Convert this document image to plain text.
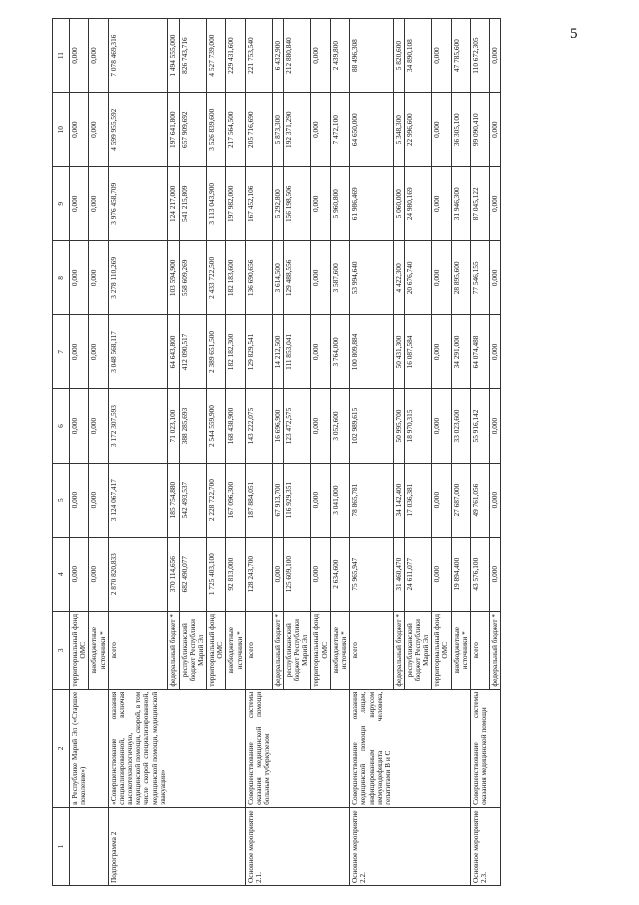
5
1	2	3	4	5	6	7	8	9	10	11
	в Республике Марий Эл («Старшее поколение»)	территориальный фонд ОМС	0,000	0,000	0,000	0,000	0,000	0,000	0,000	0,000
		внебюджетные источники *	0,000	0,000	0,000	0,000	0,000	0,000	0,000	0,000
Подпрограмма 2	«Совершенствование оказания специализированной, включая высокотехнологичную, медицинской помощи, скорой, в том числе скорой специализированной, медицинской помощи, медицинской эвакуации»	всего	2 870 820,833	3 124 067,417	3 172 307,593	3 048 568,117	3 278 110,269	3 976 458,709	4 599 955,592	7 078 469,316
		федеральный бюджет *	370 114,656	185 754,880	71 023,100	64 643,800	103 594,900	124 217,000	197 641,800	1 494 555,000
		республиканский бюджет Республики Марий Эл	682 490,077	542 493,537	388 285,693	412 090,517	558 609,269	541 215,809	657 909,692	826 743,716
		территориальный фонд ОМС	1 725 403,100	2 228 722,700	2 544 559,900	2 389 651,500	2 433 722,500	3 113 043,900	3 526 839,600	4 527 739,000
		внебюджетные источники *	92 813,000	167 096,300	168 438,900	182 182,300	182 183,600	197 982,000	217 564,500	229 431,600
Основное мероприятие 2.1.	Совершенствование системы оказания медицинской помощи больным туберкулезом	всего	128 243,700	187 884,051	143 222,075	129 829,541	136 690,656	167 452,106	205 716,690	221 753,540
		федеральный бюджет *	0,000	67 913,700	16 696,900	14 212,500	3 614,500	5 292,800	5 873,300	6 432,900
		республиканский бюджет Республики Марий Эл	125 609,100	116 929,351	123 472,575	111 853,041	129 488,556	156 198,506	192 371,290	212 880,840
		территориальный фонд ОМС	0,000	0,000	0,000	0,000	0,000	0,000	0,000	0,000
		внебюджетные источники *	2 634,600	3 041,000	3 052,600	3 764,000	3 587,600	5 960,800	7 472,100	2 439,800
Основное мероприятие 2.2.	Совершенствование оказания медицинской помощи лицам, инфицированным вирусом иммунодефицита человека, гепатитами В и С	всего	75 965,947	78 865,781	102 989,615	100 809,884	53 994,640	61 986,469	64 650,000	88 496,308
		федеральный бюджет *	31 460,470	34 142,400	50 995,700	50 431,300	4 422,300	5 060,000	5 348,300	5 820,600
		республиканский бюджет Республики Марий Эл	24 611,077	17 036,381	18 970,315	16 087,584	20 676,740	24 980,169	22 996,600	34 890,108
		территориальный фонд ОМС	0,000	0,000	0,000	0,000	0,000	0,000	0,000	0,000
		внебюджетные источники *	19 894,400	27 687,000	33 023,600	34 291,000	28 895,600	31 946,300	36 305,100	47 785,600
Основное мероприятие 2.3.	Совершенствование системы оказания медицинской помощи	всего	43 576,100	49 761,056	55 916,142	64 074,488	77 546,155	87 045,122	99 090,410	110 672,305
		федеральный бюджет *	0,000	0,000	0,000	0,000	0,000	0,000	0,000	0,000
